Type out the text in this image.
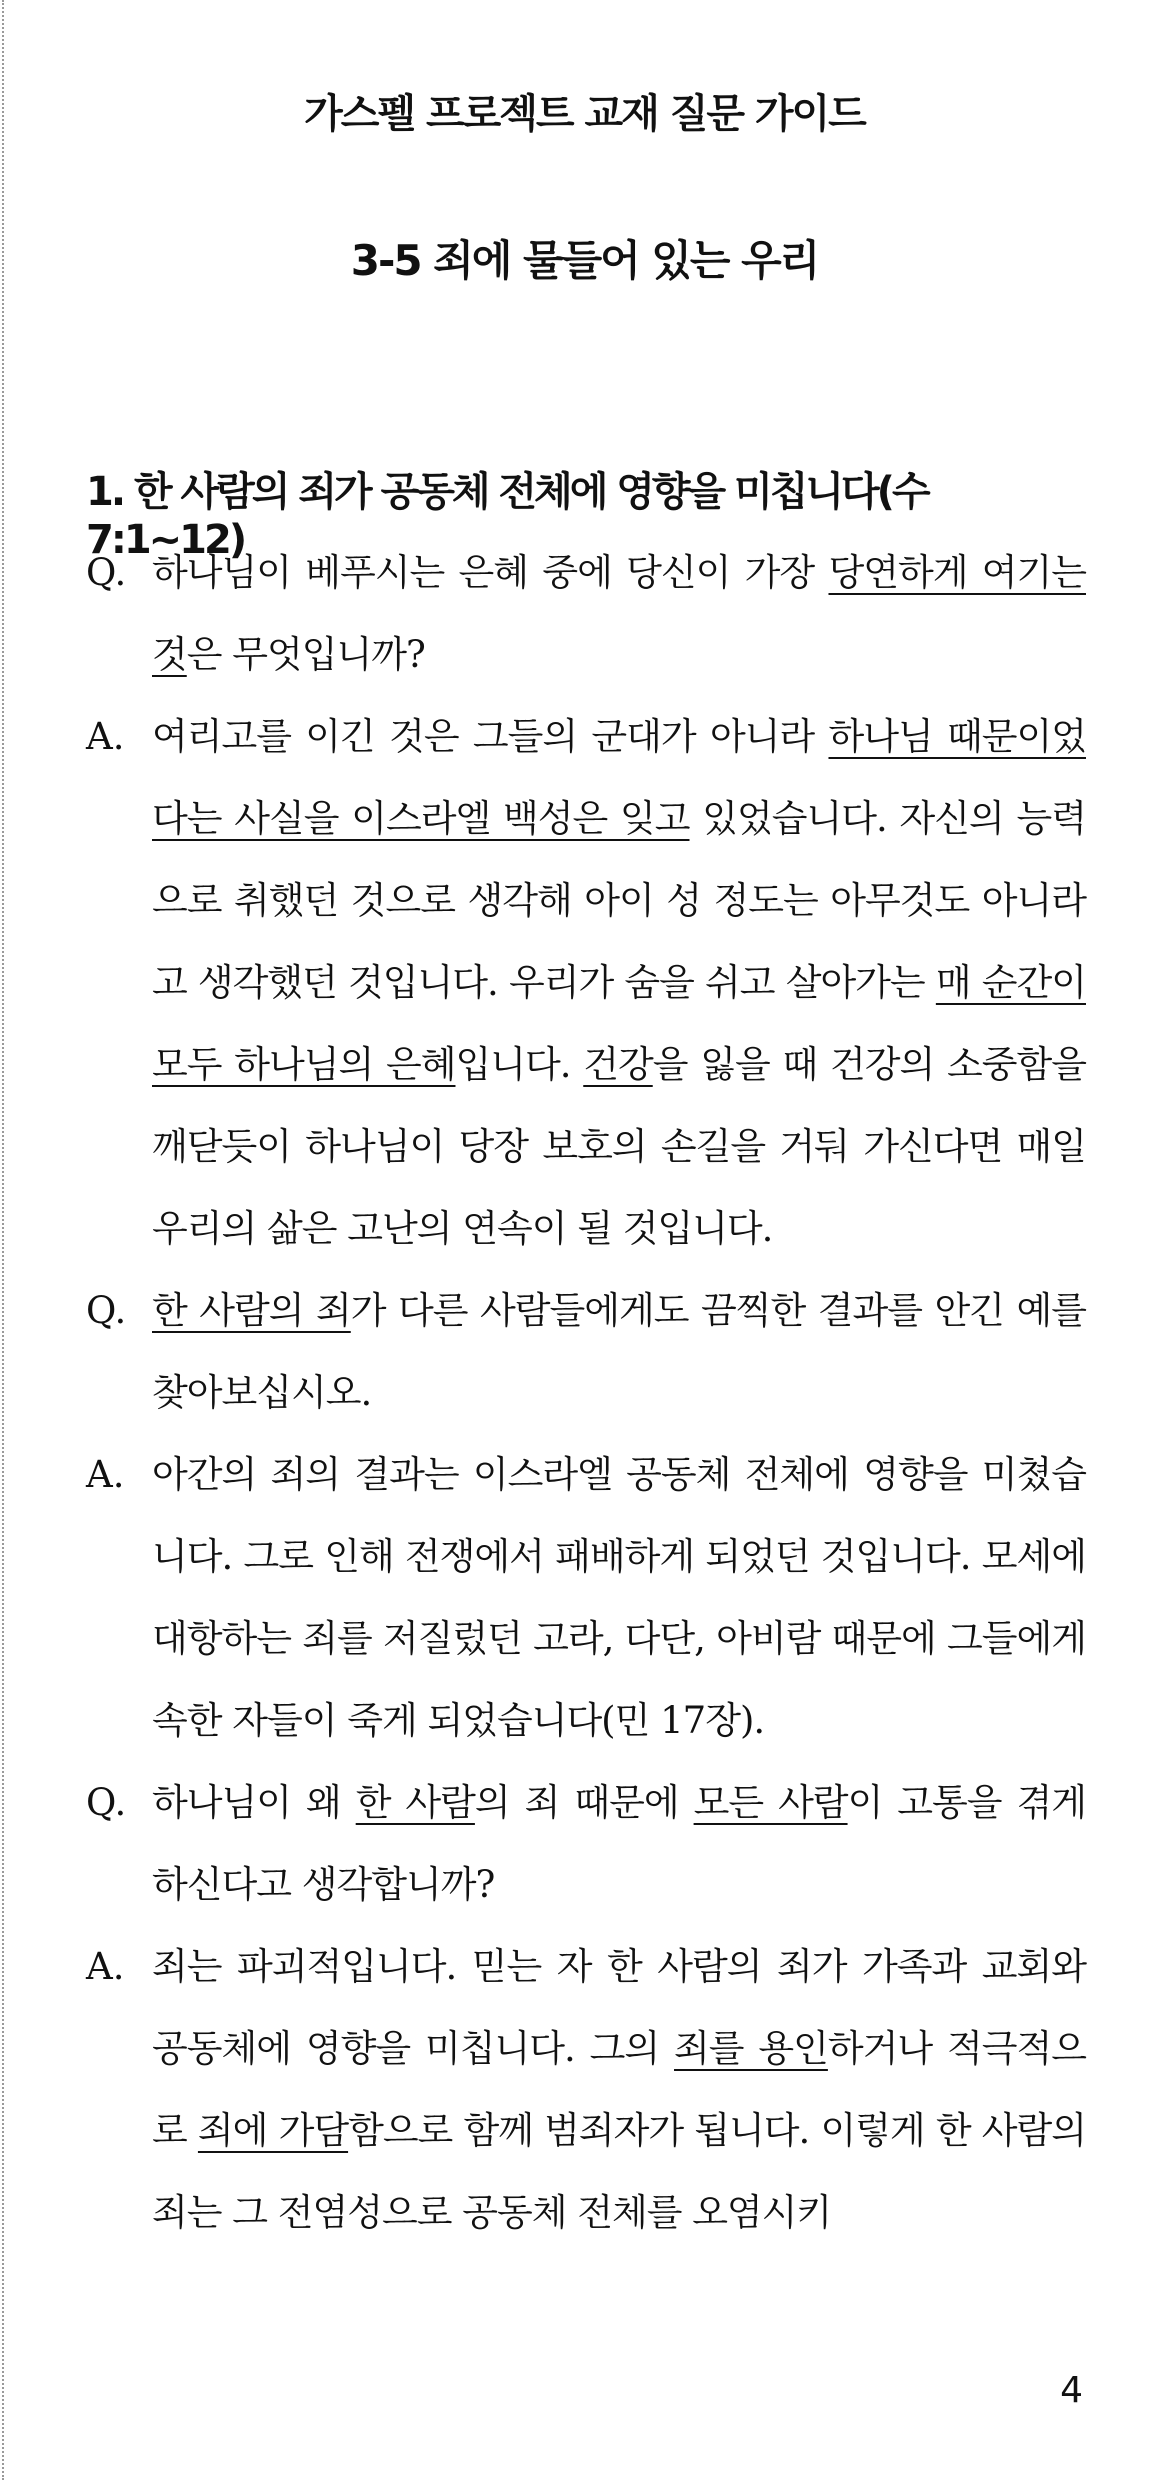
가스펠 프로젝트 교재 질문 가이드
3-5 죄에 물들어 있는 우리
1. 한 사람의 죄가 공동체 전체에 영향을 미칩니다(수 7:1~12)
Q. 하나님이 베푸시는 은혜 중에 당신이 가장 당연하게 여기는 것은 무엇입니까?
A. 여리고를 이긴 것은 그들의 군대가 아니라 하나님 때문이었다는 사실을 이스라엘 백성은 잊고 있었습니다. 자신의 능력으로 취했던 것으로 생각해 아이 성 정도는 아무것도 아니라고 생각했던 것입니다. 우리가 숨을 쉬고 살아가는 매 순간이 모두 하나님의 은혜입니다. 건강을 잃을 때 건강의 소중함을 깨닫듯이 하나님이 당장 보호의 손길을 거둬 가신다면 매일 우리의 삶은 고난의 연속이 될 것입니다.
Q. 한 사람의 죄가 다른 사람들에게도 끔찍한 결과를 안긴 예를 찾아보십시오.
A. 아간의 죄의 결과는 이스라엘 공동체 전체에 영향을 미쳤습니다. 그로 인해 전쟁에서 패배하게 되었던 것입니다. 모세에 대항하는 죄를 저질렀던 고라, 다단, 아비람 때문에 그들에게 속한 자들이 죽게 되었습니다(민 17장).
Q. 하나님이 왜 한 사람의 죄 때문에 모든 사람이 고통을 겪게 하신다고 생각합니까?
A. 죄는 파괴적입니다. 믿는 자 한 사람의 죄가 가족과 교회와 공동체에 영향을 미칩니다. 그의 죄를 용인하거나 적극적으로 죄에 가담함으로 함께 범죄자가 됩니다. 이렇게 한 사람의 죄는 그 전염성으로 공동체 전체를 오염시키
4
